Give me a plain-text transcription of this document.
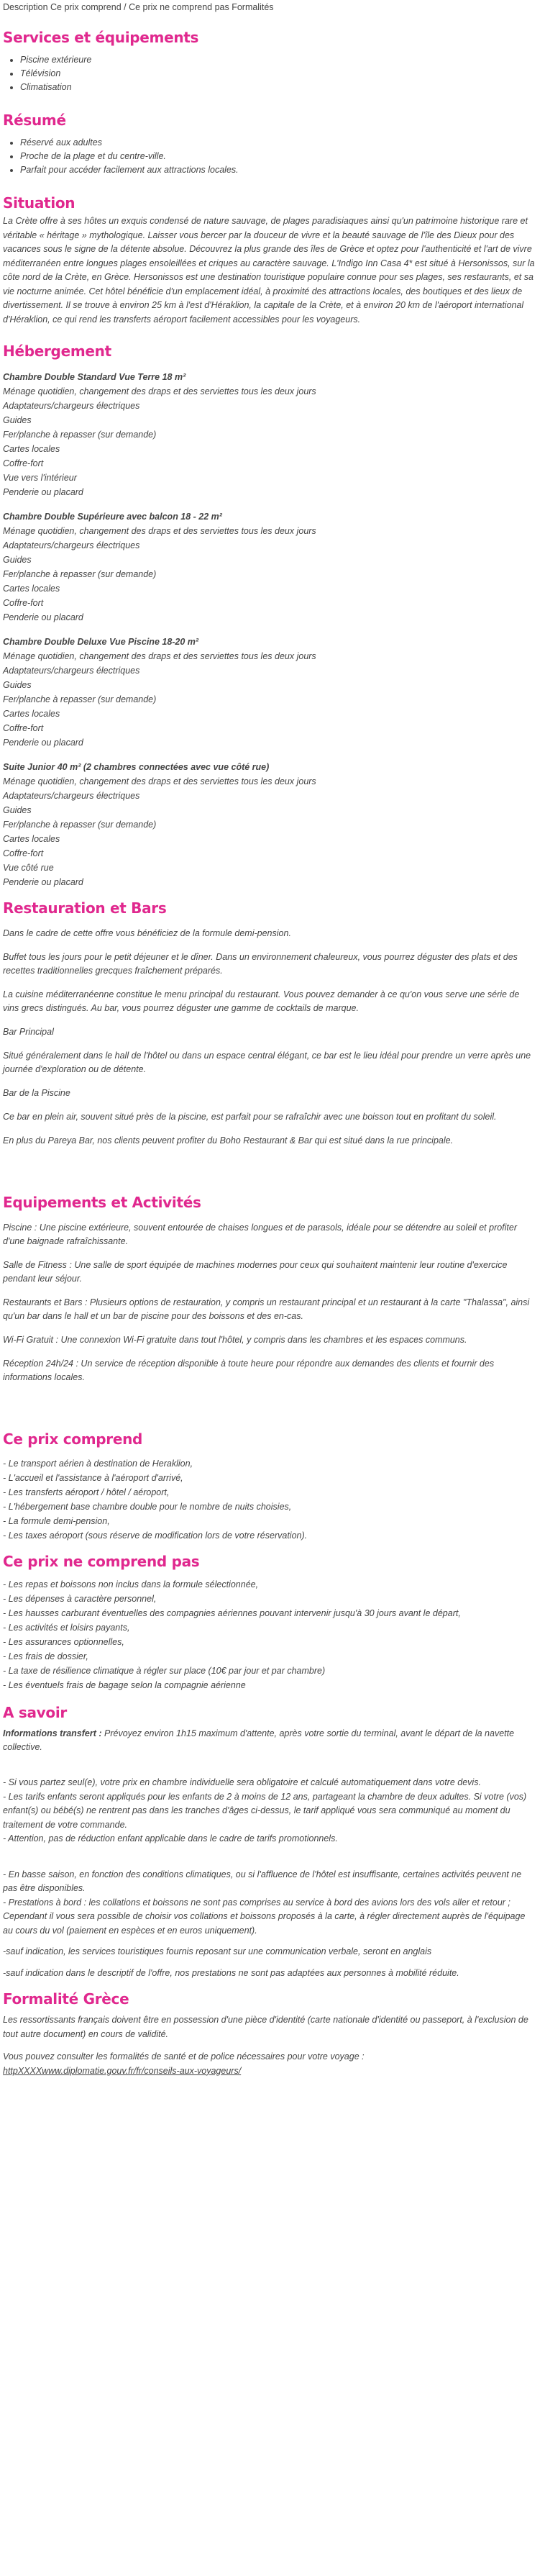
Description Ce prix comprend / Ce prix ne comprend pas Formalités

Services et équipements
• Piscine extérieure
• Télévision
• Climatisation
Résumé
• Réservé aux adultes
• Proche de la plage et du centre-ville.
• Parfait pour accéder facilement aux attractions locales.
Situation

La Crète offre à ses hôtes un exquis condensé de nature sauvage, de plages paradisiaques ainsi qu'un patrimoine historique rare et véritable « héritage » mythologique. Laisser vous bercer par la douceur de vivre et la beauté sauvage de l'île des Dieux pour des vacances sous le signe de la détente absolue. Découvrez la plus grande des îles de Grèce et optez pour l'authenticité et l'art de vivre méditerranéen entre longues plages ensoleillées et criques au caractère sauvage. L'Indigo Inn Casa 4* est situé à Hersonissos, sur la côte nord de la Crète, en Grèce. Hersonissos est une destination touristique populaire connue pour ses plages, ses restaurants, et sa vie nocturne animée. Cet hôtel bénéficie d'un emplacement idéal, à proximité des attractions locales, des boutiques et des lieux de divertissement. Il se trouve à environ 25 km à l'est d'Héraklion, la capitale de la Crète, et à environ 20 km de l'aéroport international d'Héraklion, ce qui rend les transferts aéroport facilement accessibles pour les voyageurs.

Hébergement
Chambre Double Standard Vue Terre 18 m²
Ménage quotidien, changement des draps et des serviettes tous les deux jours
Adaptateurs/chargeurs électriques
Guides
Fer/planche à repasser (sur demande)
Cartes locales
Coffre-fort
Vue vers l'intérieur
Penderie ou placard
Chambre Double Supérieure avec balcon 18 - 22 m²
Ménage quotidien, changement des draps et des serviettes tous les deux jours
Adaptateurs/chargeurs électriques
Guides
Fer/planche à repasser (sur demande)
Cartes locales
Coffre-fort
Penderie ou placard
Chambre Double Deluxe Vue Piscine 18-20 m²
Ménage quotidien, changement des draps et des serviettes tous les deux jours
Adaptateurs/chargeurs électriques
Guides
Fer/planche à repasser (sur demande)
Cartes locales
Coffre-fort
Penderie ou placard
Suite Junior 40 m² (2 chambres connectées avec vue côté rue)
Ménage quotidien, changement des draps et des serviettes tous les deux jours
Adaptateurs/chargeurs électriques
Guides
Fer/planche à repasser (sur demande)
Cartes locales
Coffre-fort
Vue côté rue
Penderie ou placard
Restauration et Bars

Dans le cadre de cette offre vous bénéficiez de la formule demi-pension.

Buffet tous les jours pour le petit déjeuner et le dîner. Dans un environnement chaleureux, vous pourrez déguster des plats et des recettes traditionnelles grecques fraîchement préparés.

La cuisine méditerranéenne constitue le menu principal du restaurant. Vous pouvez demander à ce qu'on vous serve une série de vins grecs distingués. Au bar, vous pourrez déguster une gamme de cocktails de marque.

Bar Principal

Situé généralement dans le hall de l'hôtel ou dans un espace central élégant, ce bar est le lieu idéal pour prendre un verre après une journée d'exploration ou de détente.

Bar de la Piscine

Ce bar en plein air, souvent situé près de la piscine, est parfait pour se rafraîchir avec une boisson tout en profitant du soleil.

En plus du Pareya Bar, nos clients peuvent profiter du Boho Restaurant & Bar qui est situé dans la rue principale.

Equipements et Activités

Piscine : Une piscine extérieure, souvent entourée de chaises longues et de parasols, idéale pour se détendre au soleil et profiter d'une baignade rafraîchissante.

Salle de Fitness : Une salle de sport équipée de machines modernes pour ceux qui souhaitent maintenir leur routine d'exercice pendant leur séjour.

Restaurants et Bars : Plusieurs options de restauration, y compris un restaurant principal et un restaurant à la carte "Thalassa", ainsi qu'un bar dans le hall et un bar de piscine pour des boissons et des en-cas.

Wi-Fi Gratuit : Une connexion Wi-Fi gratuite dans tout l'hôtel, y compris dans les chambres et les espaces communs.

Réception 24h/24 : Un service de réception disponible à toute heure pour répondre aux demandes des clients et fournir des informations locales.

Ce prix comprend
- Le transport aérien à destination de Heraklion,
- L'accueil et l'assistance à l'aéroport d'arrivé,
- Les transferts aéroport / hôtel / aéroport,
- L'hébergement base chambre double pour le nombre de nuits choisies,
- La formule demi-pension,
- Les taxes aéroport (sous réserve de modification lors de votre réservation).
Ce prix ne comprend pas
- Les repas et boissons non inclus dans la formule sélectionnée,
- Les dépenses à caractère personnel,
- Les hausses carburant éventuelles des compagnies aériennes pouvant intervenir jusqu'à 30 jours avant le départ,
- Les activités et loisirs payants,
- Les assurances optionnelles,
- Les frais de dossier,
- La taxe de résilience climatique à régler sur place (10€ par jour et par chambre)
- Les éventuels frais de bagage selon la compagnie aérienne
A savoir

Informations transfert : Prévoyez environ 1h15 maximum d'attente, après votre sortie du terminal, avant le départ de la navette collective.

- Si vous partez seul(e), votre prix en chambre individuelle sera obligatoire et calculé automatiquement dans votre devis.

- Les tarifs enfants seront appliqués pour les enfants de 2 à moins de 12 ans, partageant la chambre de deux adultes. Si votre (vos) enfant(s) ou bébé(s) ne rentrent pas dans les tranches d'âges ci-dessus, le tarif appliqué vous sera communiqué au moment du traitement de votre commande.

- Attention, pas de réduction enfant applicable dans le cadre de tarifs promotionnels.

- En basse saison, en fonction des conditions climatiques, ou si l'affluence de l'hôtel est insuffisante, certaines activités peuvent ne pas être disponibles.

- Prestations à bord : les collations et boissons ne sont pas comprises au service à bord des avions lors des vols aller et retour ; Cependant il vous sera possible de choisir vos collations et boissons proposés à la carte, à régler directement auprès de l'équipage au cours du vol (paiement en espèces et en euros uniquement).

-sauf indication, les services touristiques fournis reposant sur une communication verbale, seront en anglais

-sauf indication dans le descriptif de l'offre, nos prestations ne sont pas adaptées aux personnes à mobilité réduite.

Formalité Grèce

Les ressortissants français doivent être en possession d'une pièce d'identité (carte nationale d'identité ou passeport, à l'exclusion de tout autre document) en cours de validité.

Vous pouvez consulter les formalités de santé et de police nécessaires pour votre voyage :

httpXXXXwww.diplomatie.gouv.fr/fr/conseils-aux-voyageurs/
